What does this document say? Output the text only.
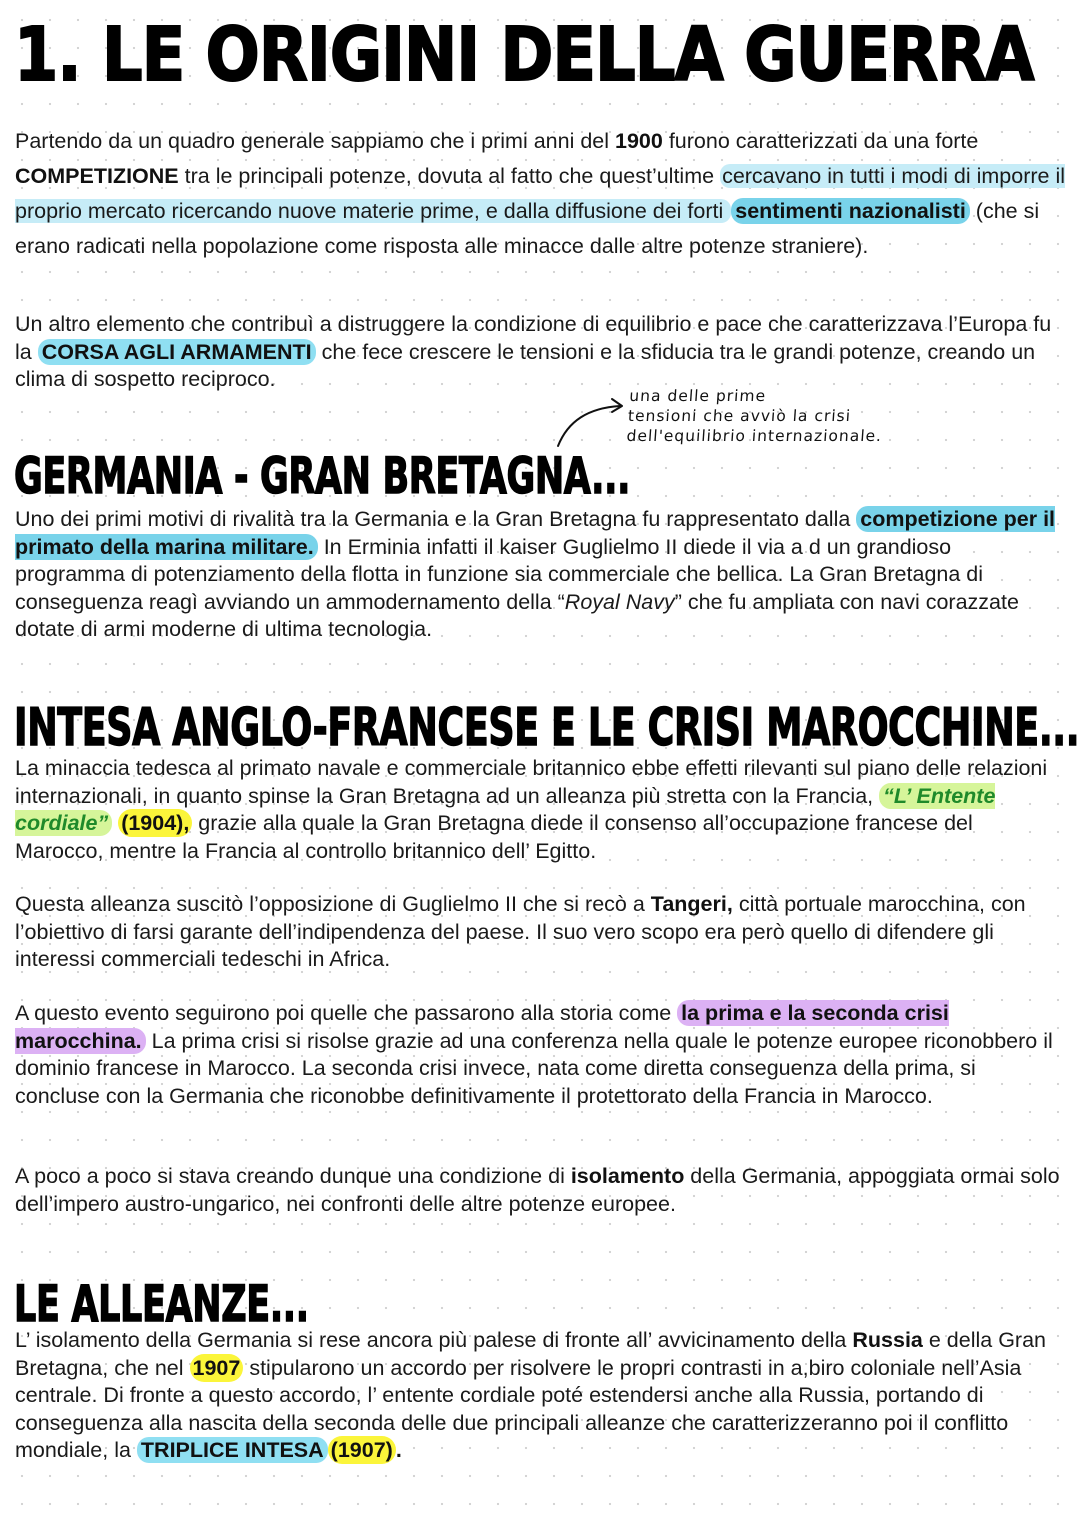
1. LE ORIGINI DELLA GUERRA
Partendo da un quadro generale sappiamo che i primi anni del 1900 furono caratterizzati da una forte COMPETIZIONE tra le principali potenze, dovuta al fatto che quest’ultime cercavano in tutti i modi di imporre il proprio mercato ricercando nuove materie prime, e dalla diffusione dei forti sentimenti nazionalisti (che si erano radicati nella popolazione come risposta alle minacce dalle altre potenze straniere).
Un altro elemento che contribuì a distruggere la condizione di equilibrio e pace che caratterizzava l’Europa fu la CORSA AGLI ARMAMENTI che fece crescere le tensioni e la sfiducia tra le grandi potenze, creando un clima di sospetto reciproco.
una delle prime
tensioni che avviò la crisi
dell'equilibrio internazionale.
GERMANIA - GRAN BRETAGNA...
Uno dei primi motivi di rivalità tra la Germania e la Gran Bretagna fu rappresentato dalla competizione per il primato della marina militare. In Erminia infatti il kaiser Guglielmo II diede il via a d un grandioso programma di potenziamento della flotta in funzione sia commerciale che bellica. La Gran Bretagna di conseguenza reagì avviando un ammodernamento della “Royal Navy” che fu ampliata con navi corazzate dotate di armi moderne di ultima tecnologia.
INTESA ANGLO-FRANCESE E LE CRISI MAROCCHINE...
La minaccia tedesca al primato navale e commerciale britannico ebbe effetti rilevanti sul piano delle relazioni internazionali, in quanto spinse la Gran Bretagna ad un alleanza più stretta con la Francia, “L’ Entente cordiale” (1904), grazie alla quale la Gran Bretagna diede il consenso all’occupazione francese del Marocco, mentre la Francia al controllo britannico dell’ Egitto.
Questa alleanza suscitò l’opposizione di Guglielmo II che si recò a Tangeri, città portuale marocchina, con l’obiettivo di farsi garante dell’indipendenza del paese. Il suo vero scopo era però quello di difendere gli interessi commerciali tedeschi in Africa.
A questo evento seguirono poi quelle che passarono alla storia come la prima e la seconda crisi marocchina. La prima crisi si risolse grazie ad una conferenza nella quale le potenze europee riconobbero il dominio francese in Marocco. La seconda crisi invece, nata come diretta conseguenza della prima, si concluse con la Germania che riconobbe definitivamente il protettorato della Francia in Marocco.
A poco a poco si stava creando dunque una condizione di isolamento della Germania, appoggiata ormai solo dell’impero austro-ungarico, nei confronti delle altre potenze europee.
LE ALLEANZE...
L’ isolamento della Germania si rese ancora più palese di fronte all’ avvicinamento della Russia e della Gran Bretagna, che nel 1907 stipularono un accordo per risolvere le propri contrasti in a,biro coloniale nell’Asia centrale. Di fronte a questo accordo, l’ entente cordiale poté estendersi anche alla Russia, portando di conseguenza alla nascita della seconda delle due principali alleanze che caratterizzeranno poi il conflitto mondiale, la TRIPLICE INTESA (1907) .
